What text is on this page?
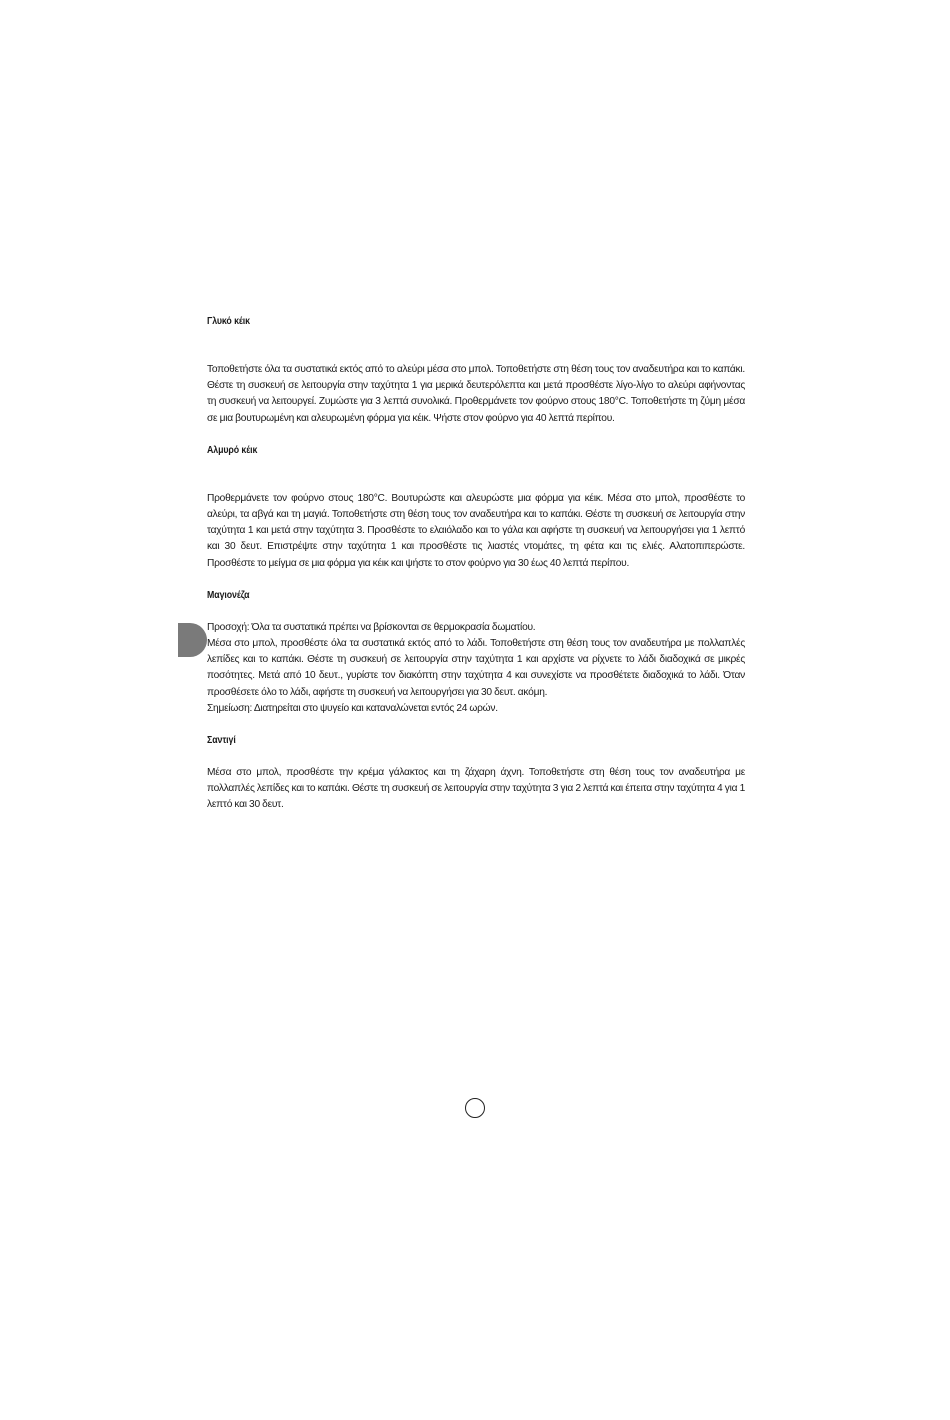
Γλυκό κέικ

Τοποθετήστε όλα τα συστατικά εκτός από το αλεύρι μέσα στο μπολ. Τοποθετήστε στη θέση τους τον αναδευτήρα και το καπάκι. Θέστε τη συσκευή σε λειτουργία στην ταχύτητα 1 για μερικά δευτερόλεπτα και μετά προσθέστε λίγο-λίγο το αλεύρι αφήνοντας τη συσκευή να λειτουργεί. Ζυμώστε για 3 λεπτά συνολικά. Προθερμάνετε τον φούρνο στους 180°C. Τοποθετήστε τη ζύμη μέσα σε μια βουτυρωμένη και αλευρωμένη φόρμα για κέικ. Ψήστε στον φούρνο για 40 λεπτά περίπου.

Αλμυρό κέικ

Προθερμάνετε τον φούρνο στους 180°C. Βουτυρώστε και αλευρώστε μια φόρμα για κέικ. Μέσα στο μπολ, προσθέστε το αλεύρι, τα αβγά και τη μαγιά. Τοποθετήστε στη θέση τους τον αναδευτήρα και το καπάκι. Θέστε τη συσκευή σε λειτουργία στην ταχύτητα 1 και μετά στην ταχύτητα 3. Προσθέστε το ελαιόλαδο και το γάλα και αφήστε τη συσκευή να λειτουργήσει για 1 λεπτό και 30 δευτ. Επιστρέψτε στην ταχύτητα 1 και προσθέστε τις λιαστές ντομάτες, τη φέτα και τις ελιές. Αλατοπιπερώστε. Προσθέστε το μείγμα σε μια φόρμα για κέικ και ψήστε το στον φούρνο για 30 έως 40 λεπτά περίπου.

Μαγιονέζα
Προσοχή: Όλα τα συστατικά πρέπει να βρίσκονται σε θερμοκρασία δωματίου.

Μέσα στο μπολ, προσθέστε όλα τα συστατικά εκτός από το λάδι. Τοποθετήστε στη θέση τους τον αναδευτήρα με πολλαπλές λεπίδες και το καπάκι. Θέστε τη συσκευή σε λειτουργία στην ταχύτητα 1 και αρχίστε να ρίχνετε το λάδι διαδοχικά σε μικρές ποσότητες. Μετά από 10 δευτ., γυρίστε τον διακόπτη στην ταχύτητα 4 και συνεχίστε να προσθέτετε διαδοχικά το λάδι. Όταν προσθέσετε όλο το λάδι, αφήστε τη συσκευή να λειτουργήσει για 30 δευτ. ακόμη.

Σημείωση: Διατηρείται στο ψυγείο και καταναλώνεται εντός 24 ωρών.
Σαντιγί

Μέσα στο μπολ, προσθέστε την κρέμα γάλακτος και τη ζάχαρη άχνη. Τοποθετήστε στη θέση τους τον αναδευτήρα με πολλαπλές λεπίδες και το καπάκι. Θέστε τη συσκευή σε λειτουργία στην ταχύτητα 3 για 2 λεπτά και έπειτα στην ταχύτητα 4 για 1 λεπτό και 30 δευτ.
